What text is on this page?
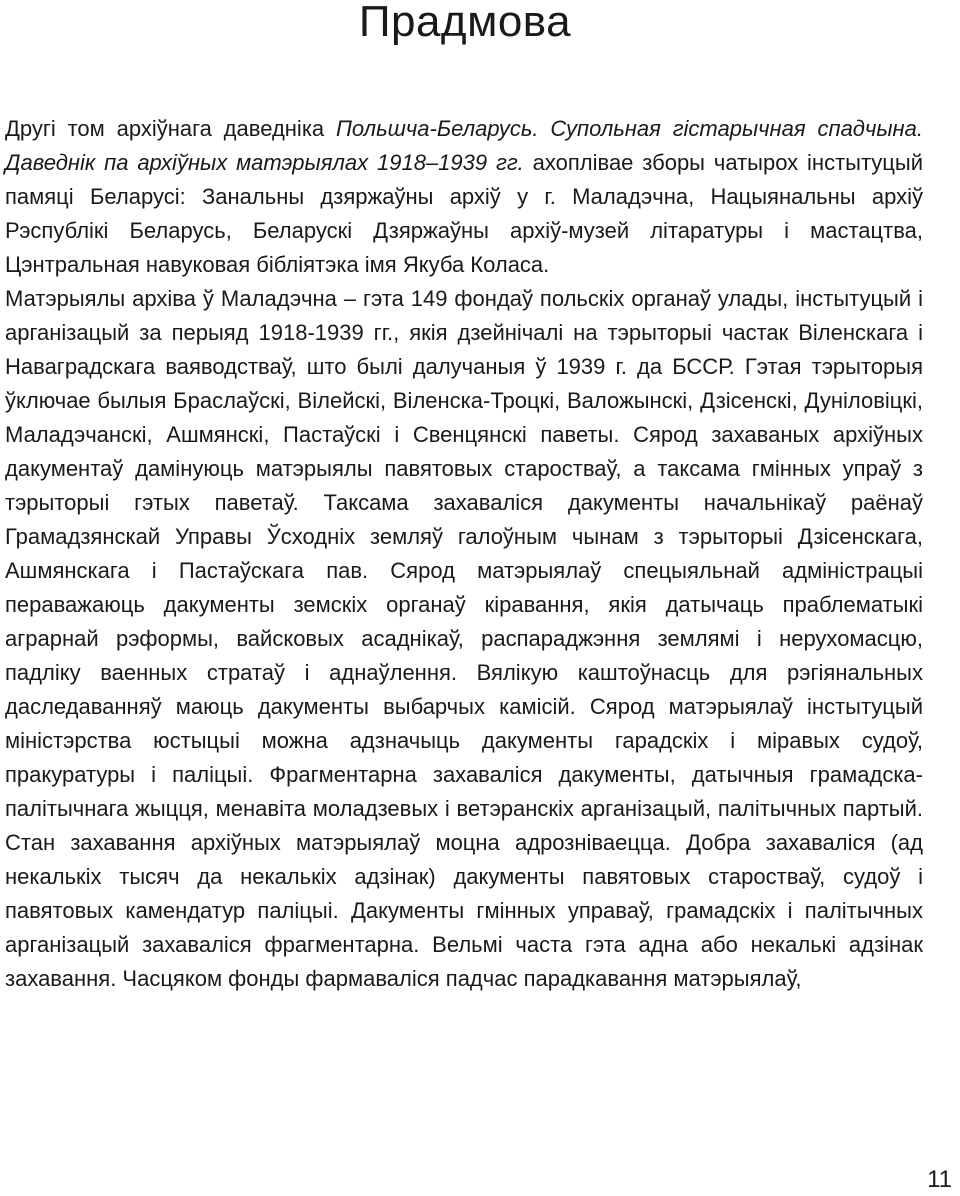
Прадмова

Другі том архіўнага даведніка Польшча-Беларусь. Супольная гістарычная спадчына. Даведнік па архіўных матэрыялах 1918–1939 гг. ахоплівае зборы чатырох інстытуцый памяці Беларусі: Занальны дзяржаўны архіў у г. Маладэчна, Нацыянальны архіў Рэспублікі Беларусь, Беларускі Дзяржаўны архіў-музей літаратуры і мастацтва, Цэнтральная навуковая бібліятэка імя Якуба Коласа.

Матэрыялы архіва ў Маладэчна – гэта 149 фондаў польскіх органаў улады, інстытуцый і арганізацый за перыяд 1918-1939 гг., якія дзейнічалі на тэрыторыі частак Віленскага і Наваградскага ваяводстваў, што былі далучаныя ў 1939 г. да БССР. Гэтая тэрыторыя ўключае былыя Браслаўскі, Вілейскі, Віленска-Троцкі, Валожынскі, Дзісенскі, Дуніловіцкі, Маладэчанскі, Ашмянскі, Пастаўскі і Свенцянскі паветы. Сярод захаваных архіўных дакументаў дамінуюць матэрыялы павятовых старостваў, а таксама гмінных упраў з тэрыторыі гэтых паветаў. Таксама захаваліся дакументы начальнікаў раёнаў Грамадзянскай Управы Ўсходніх земляў галоўным чынам з тэрыторыі Дзісенскага, Ашмянскага і Пастаўскага пав. Сярод матэрыялаў спецыяльнай адміністрацыі пераважаюць дакументы земскіх органаў кіравання, якія датычаць праблематыкі аграрнай рэформы, вайсковых асаднікаў, распараджэння землямі і нерухомасцю, падліку ваенных стратаў і аднаўлення. Вялікую каштоўнасць для рэгіянальных даследаванняў маюць дакументы выбарчых камісій. Сярод матэрыялаў інстытуцый міністэрства юстыцыі можна адзначыць дакументы гарадскіх і міравых судоў, пракуратуры і паліцыі. Фрагментарна захаваліся дакументы, датычныя грамадска-палітычнага жыцця, менавіта моладзевых і ветэранскіх арганізацый, палітычных партый. Стан захавання архіўных матэрыялаў моцна адрозніваецца. Добра захаваліся (ад некалькіх тысяч да некалькіх адзінак) дакументы павятовых старостваў, судоў і павятовых камендатур паліцыі. Дакументы гмінных управаў, грамадскіх і палітычных арганізацый захаваліся фрагментарна. Вельмі часта гэта адна або некалькі адзінак захавання. Часцяком фонды фармаваліся падчас парадкавання матэрыялаў,

11
